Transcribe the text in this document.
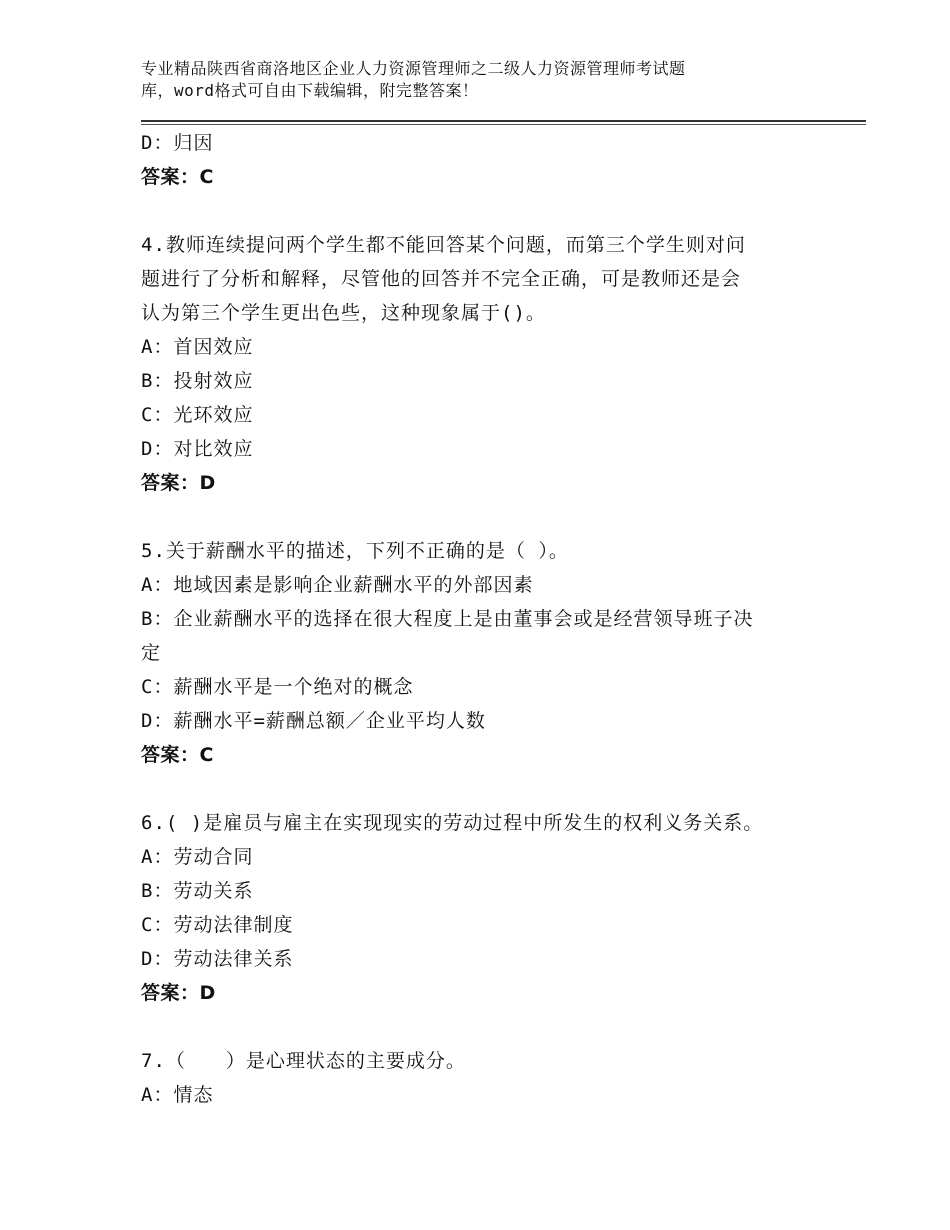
专业精品陕西省商洛地区企业人力资源管理师之二级人力资源管理师考试题
库，word格式可自由下载编辑，附完整答案！
D：归因
答案：C
4.教师连续提问两个学生都不能回答某个问题，而第三个学生则对问
题进行了分析和解释，尽管他的回答并不完全正确，可是教师还是会
认为第三个学生更出色些，这种现象属于()。
A：首因效应
B：投射效应
C：光环效应
D：对比效应
答案：D
5.关于薪酬水平的描述，下列不正确的是（ ）。
A：地域因素是影响企业薪酬水平的外部因素
B：企业薪酬水平的选择在很大程度上是由董事会或是经营领导班子决
定
C：薪酬水平是一个绝对的概念
D：薪酬水平=薪酬总额／企业平均人数
答案：C
6.( )是雇员与雇主在实现现实的劳动过程中所发生的权利义务关系。
A：劳动合同
B：劳动关系
C：劳动法律制度
D：劳动法律关系
答案：D
7.（　　）是心理状态的主要成分。
A：情态
